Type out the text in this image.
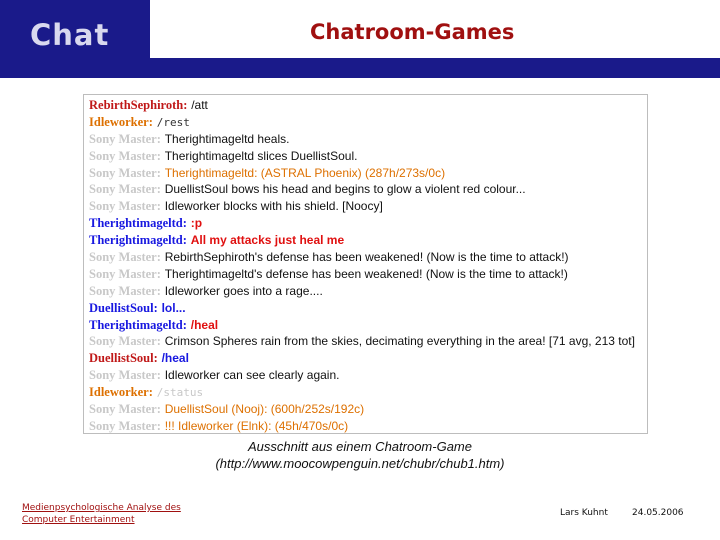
Chat	Chatroom-Games
RebirthSephiroth: /att
Idleworker: /rest
Sony Master: Therightimageltd heals.
Sony Master: Therightimageltd slices DuellistSoul.
Sony Master: Therightimageltd: (ASTRAL Phoenix) (287h/273s/0c)
Sony Master: DuellistSoul bows his head and begins to glow a violent red colour...
Sony Master: Idleworker blocks with his shield. [Noocy]
Therightimageltd: :p
Therightimageltd: All my attacks just heal me
Sony Master: RebirthSephiroth's defense has been weakened! (Now is the time to attack!)
Sony Master: Therightimageltd's defense has been weakened! (Now is the time to attack!)
Sony Master: Idleworker goes into a rage....
DuellistSoul: lol...
Therightimageltd: /heal
Sony Master: Crimson Spheres rain from the skies, decimating everything in the area! [71 avg, 213 tot]
DuellistSoul: /heal
Sony Master: Idleworker can see clearly again.
Idleworker: /status
Sony Master: DuellistSoul (Nooj): (600h/252s/192c)
Sony Master: !!! Idleworker (Elnk): (45h/470s/0c)
Ausschnitt aus einem Chatroom-Game
(http://www.moocowpenguin.net/chubr/chub1.htm)
Medienpsychologische Analyse des
Computer Entertainment
Lars Kuhnt	24.05.2006
